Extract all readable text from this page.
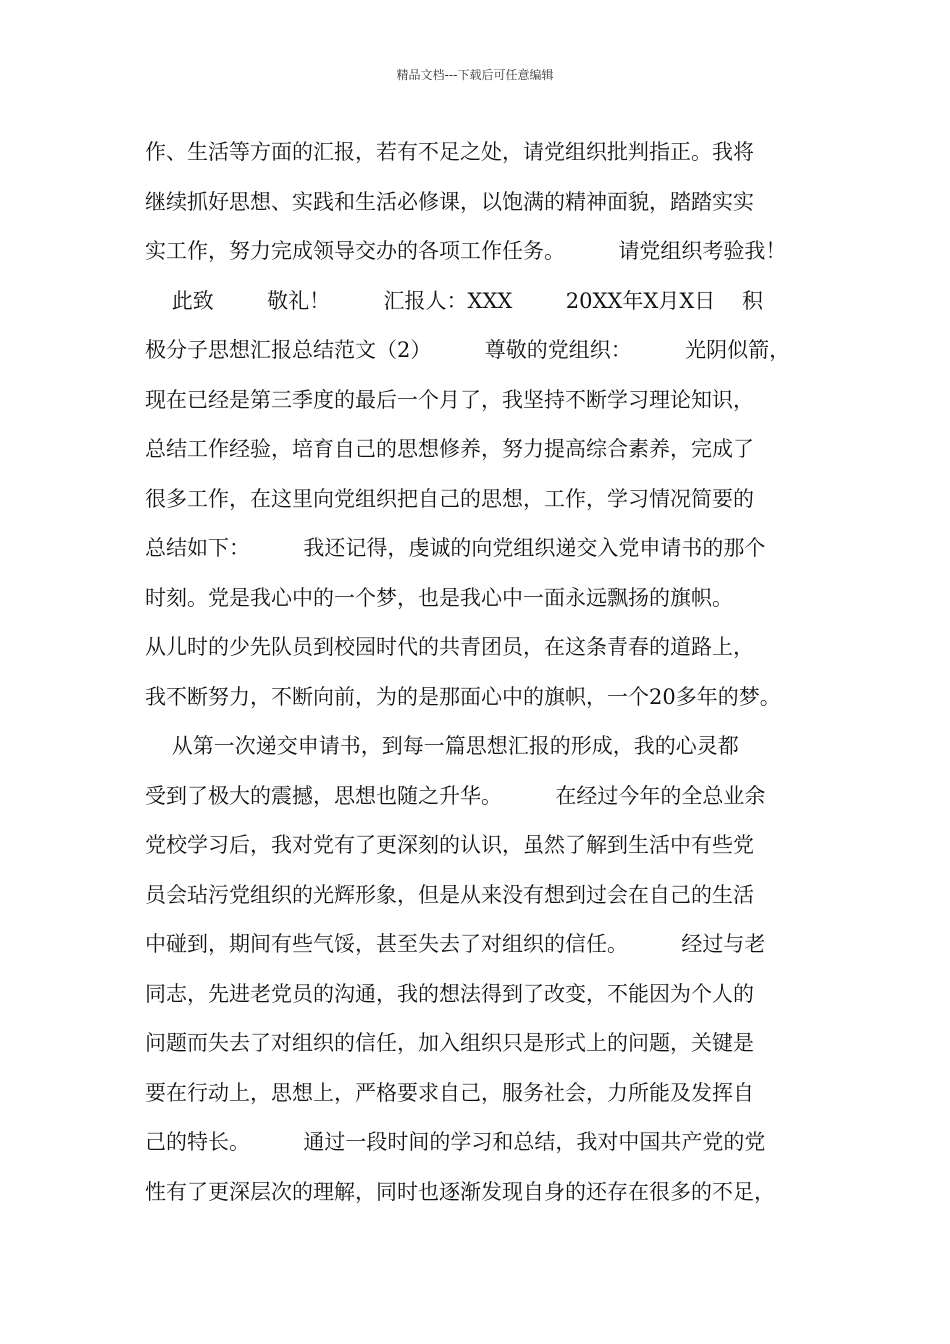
精品文档---下载后可任意编辑
作、生活等方面的汇报，若有不足之处，请党组织批判指正。我将
继续抓好思想、实践和生活必修课，以饱满的精神面貌，踏踏实实
实工作，努力完成领导交办的各项工作任务。        请党组织考验我！
此致        敬礼！        汇报人：XXX        20XX年X月X日    积
极分子思想汇报总结范文（2）        尊敬的党组织：        光阴似箭，
现在已经是第三季度的最后一个月了，我坚持不断学习理论知识，
总结工作经验，培育自己的思想修养，努力提高综合素养，完成了
很多工作，在这里向党组织把自己的思想，工作，学习情况简要的
总结如下：        我还记得，虔诚的向党组织递交入党申请书的那个
时刻。党是我心中的一个梦，也是我心中一面永远飘扬的旗帜。
从儿时的少先队员到校园时代的共青团员，在这条青春的道路上，
我不断努力，不断向前，为的是那面心中的旗帜，一个20多年的梦。
从第一次递交申请书，到每一篇思想汇报的形成，我的心灵都
受到了极大的震撼，思想也随之升华。        在经过今年的全总业余
党校学习后，我对党有了更深刻的认识，虽然了解到生活中有些党
员会玷污党组织的光辉形象，但是从来没有想到过会在自己的生活
中碰到，期间有些气馁，甚至失去了对组织的信任。        经过与老
同志，先进老党员的沟通，我的想法得到了改变，不能因为个人的
问题而失去了对组织的信任，加入组织只是形式上的问题，关键是
要在行动上，思想上，严格要求自己，服务社会，力所能及发挥自
己的特长。        通过一段时间的学习和总结，我对中国共产党的党
性有了更深层次的理解，同时也逐渐发现自身的还存在很多的不足，
